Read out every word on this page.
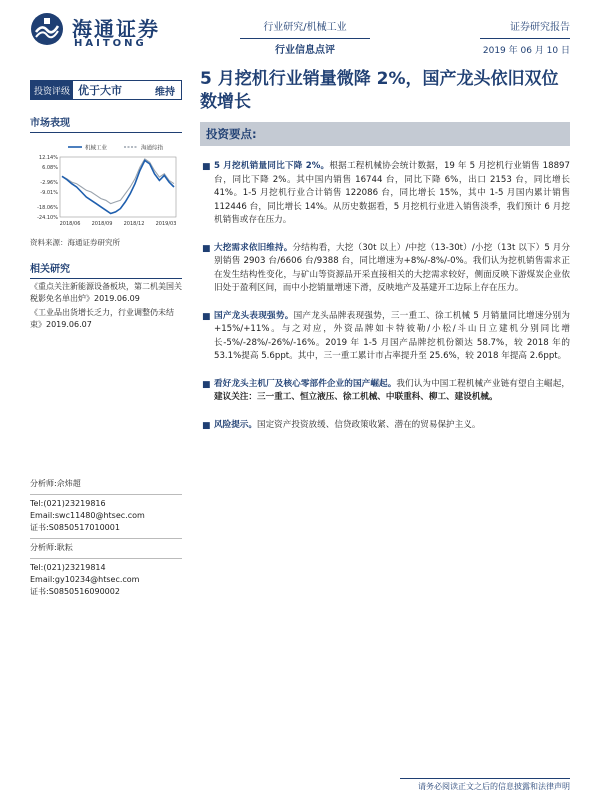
海通证券
HAITONG
行业研究/机械工业
行业信息点评
证券研究报告
2019 年 06 月 10 日
投资评级 优于大市	维持
市场表现
机械工业	海通综指
12.14%
6.08%
-2.96%
-9.01%
-18.06%
-24.10%
2018/06 2018/09 2018/12 2019/03
资料来源：海通证券研究所
相关研究
《重点关注新能源设备板块，第二机美国关税影免名单出炉》2019.06.09
《工业品出货增长乏力，行业调整仍未结束》2019.06.07
分析师:佘炜超
Tel:(021)23219816
Email:swc11480@htsec.com
证书:S0850517010001
分析师:耿耘
Tel:(021)23219814
Email:gy10234@htsec.com
证书:S0850516090002
5 月挖机行业销量微降 2%，国产龙头依旧双位数增长
投资要点:
■ 5 月挖机销量同比下降 2%。根据工程机械协会统计数据，19 年 5 月挖机行业销售 18897 台，同比下降 2%。其中国内销售 16744 台，同比下降 6%，出口 2153 台，同比增长 41%。1-5 月挖机行业合计销售 122086 台，同比增长 15%，其中 1-5 月国内累计销售 112446 台，同比增长 14%。从历史数据看，5 月挖机行业进入销售淡季，我们预计 6 月挖机销售或存在压力。
■ 大挖需求依旧维持。分结构看，大挖（30t 以上）/中挖（13-30t）/小挖（13t 以下）5 月分别销售 2903 台/6606 台/9388 台，同比增速为+8%/-8%/-0%。我们认为挖机销售需求正在发生结构性变化，与矿山等资源品开采直接相关的大挖需求较好，侧面反映下游煤炭企业依旧处于盈利区间，而中小挖销量增速下滑，反映地产及基建开工边际上存在压力。
■ 国产龙头表现强势。国产龙头品牌表现强势，三一重工、徐工机械 5 月销量同比增速分别为+15%/+11%。与之对应，外资品牌如卡特彼勒/小松/斗山日立建机分别同比增长-5%/-28%/-26%/-16%。2019 年 1-5 月国产品牌挖机份额达 58.7%，较 2018 年的 53.1%提高 5.6ppt。其中，三一重工累计市占率提升至 25.6%，较 2018 年提高 2.6ppt。
■ 看好龙头主机厂及核心零部件企业的国产崛起。我们认为中国工程机械产业链有望自主崛起，建议关注：三一重工、恒立液压、徐工机械、中联重科、柳工、建设机械。
■ 风险提示。国定资产投资放缓、信贷政策收紧、潜在的贸易保护主义。
请务必阅读正文之后的信息披露和法律声明
